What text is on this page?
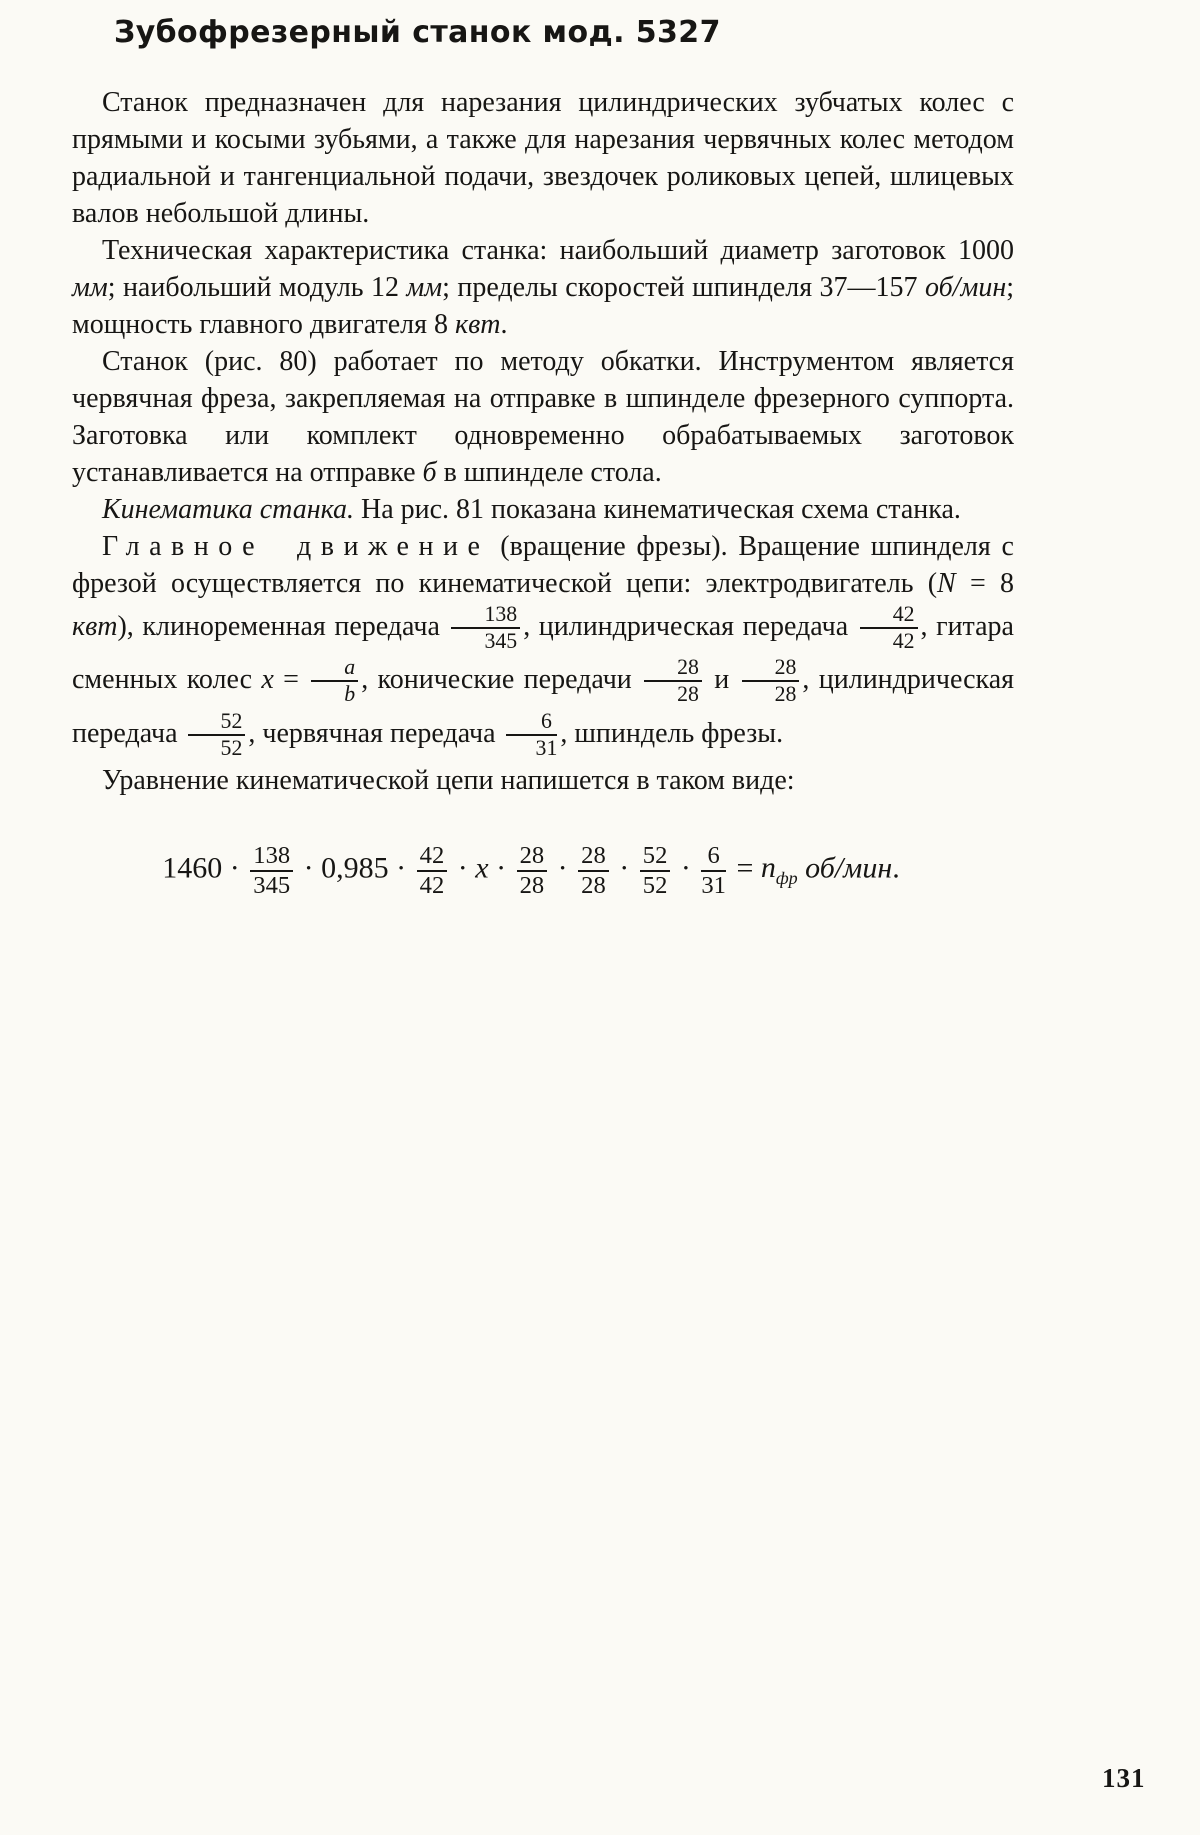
Зубофрезерный станок мод. 5327

Станок предназначен для нарезания цилиндрических зубчатых колес с прямыми и косыми зубьями, а также для нарезания червячных колес методом радиальной и тангенциальной подачи, звездочек роликовых цепей, шлицевых валов небольшой длины.

Техническая характеристика станка: наибольший диаметр заготовок 1000 мм; наибольший модуль 12 мм; пределы скоростей шпинделя 37—157 об/мин; мощность главного двигателя 8 квт.

Станок (рис. 80) работает по методу обкатки. Инструментом является червячная фреза, закрепляемая на отправке в шпинделе фрезерного суппорта. Заготовка или комплект одновременно обрабатываемых заготовок устанавливается на отправке б в шпинделе стола.

Кинематика станка. На рис. 81 показана кинематическая схема станка.

Главное движение (вращение фрезы). Вращение шпинделя с фрезой осуществляется по кинематической цепи: электродвигатель (N = 8 квт), клиноременная передача $\frac{138}{345}$ , цилиндрическая передача $\frac{42}{42}$ , гитара сменных колес $x = \frac{a}{b}$ , конические передачи $\frac{28}{28}$ и $\frac{28}{28}$ , цилиндрическая передача $\frac{52}{52}$ , червячная передача $\frac{6}{31}$ , шпиндель фрезы.

Уравнение кинематической цепи напишется в таком виде:

$1460 \cdot \frac{138}{345} \cdot 0,985 \cdot \frac{42}{42} \cdot x \cdot \frac{28}{28} \cdot \frac{28}{28} \cdot \frac{52}{52} \cdot \frac{6}{31} = n_{фр}$ об/мин.
131
